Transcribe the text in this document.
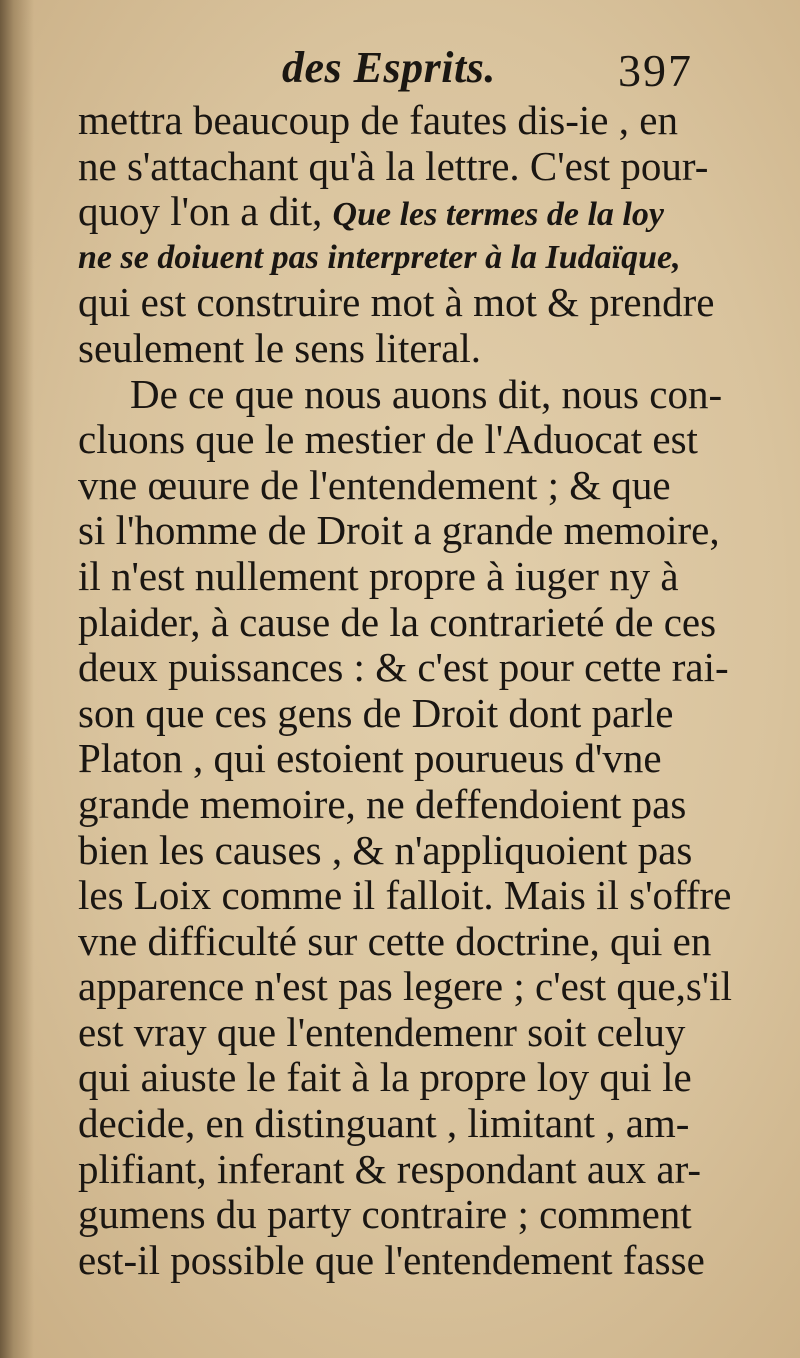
des Esprits.	397
mettra beaucoup de fautes dis-ie , en
ne s'attachant qu'à la lettre. C'est pour-
quoy l'on a dit, Que les termes de la loy
ne se doiuent pas interpreter à la Iudaïque,
qui est construire mot à mot & prendre
seulement le sens literal.
De ce que nous auons dit, nous con-
cluons que le mestier de l'Aduocat est
vne œuure de l'entendement ; & que
si l'homme de Droit a grande memoire,
il n'est nullement propre à iuger ny à
plaider, à cause de la contrarieté de ces
deux puissances : & c'est pour cette rai-
son que ces gens de Droit dont parle
Platon , qui estoient pourueus d'vne
grande memoire, ne deffendoient pas
bien les causes , & n'appliquoient pas
les Loix comme il falloit. Mais il s'offre
vne difficulté sur cette doctrine, qui en
apparence n'est pas legere ; c'est que,s'il
est vray que l'entendemenr soit celuy
qui aiuste le fait à la propre loy qui le
decide, en distinguant , limitant , am-
plifiant, inferant & respondant aux ar-
gumens du party contraire ; comment
est-il possible que l'entendement fasse
